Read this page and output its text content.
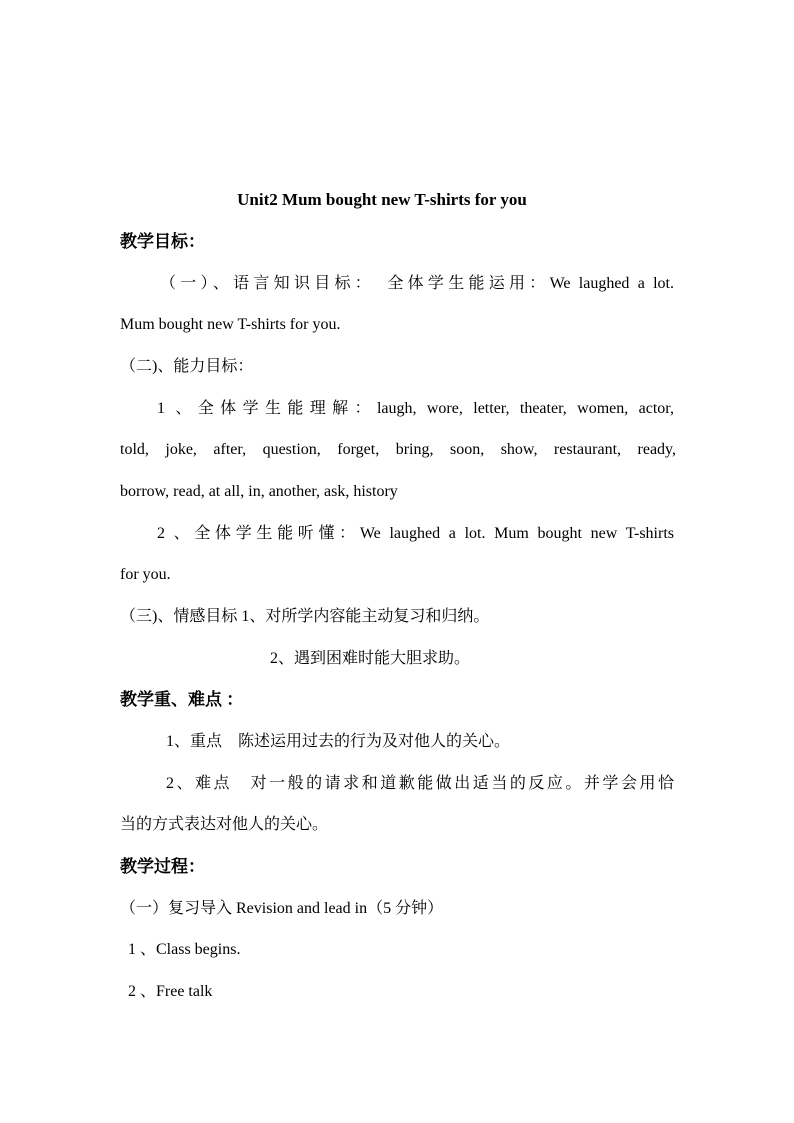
Unit2 Mum bought new T-shirts for you
教学目标：
（一）、语言知识目标：　全体学生能运用：We laughed a lot.
Mum bought new T-shirts for you.
（二)、能力目标：
1 、全体学生能理解：laugh, wore, letter, theater, women, actor,
told, joke, after, question, forget, bring, soon, show, restaurant, ready,
borrow, read, at all, in, another, ask, history
2 、全体学生能听懂：We laughed a lot. Mum bought new T-shirts
for you.
（三)、情感目标 1、对所学内容能主动复习和归纳。
2、遇到困难时能大胆求助。
教学重、难点 ：
1、重点　陈述运用过去的行为及对他人的关心。
2、难点　对一般的请求和道歉能做出适当的反应。并学会用恰
当的方式表达对他人的关心。
教学过程：
（一）复习导入 Revision and lead in（5 分钟）
1 、Class begins.
2 、Free talk
